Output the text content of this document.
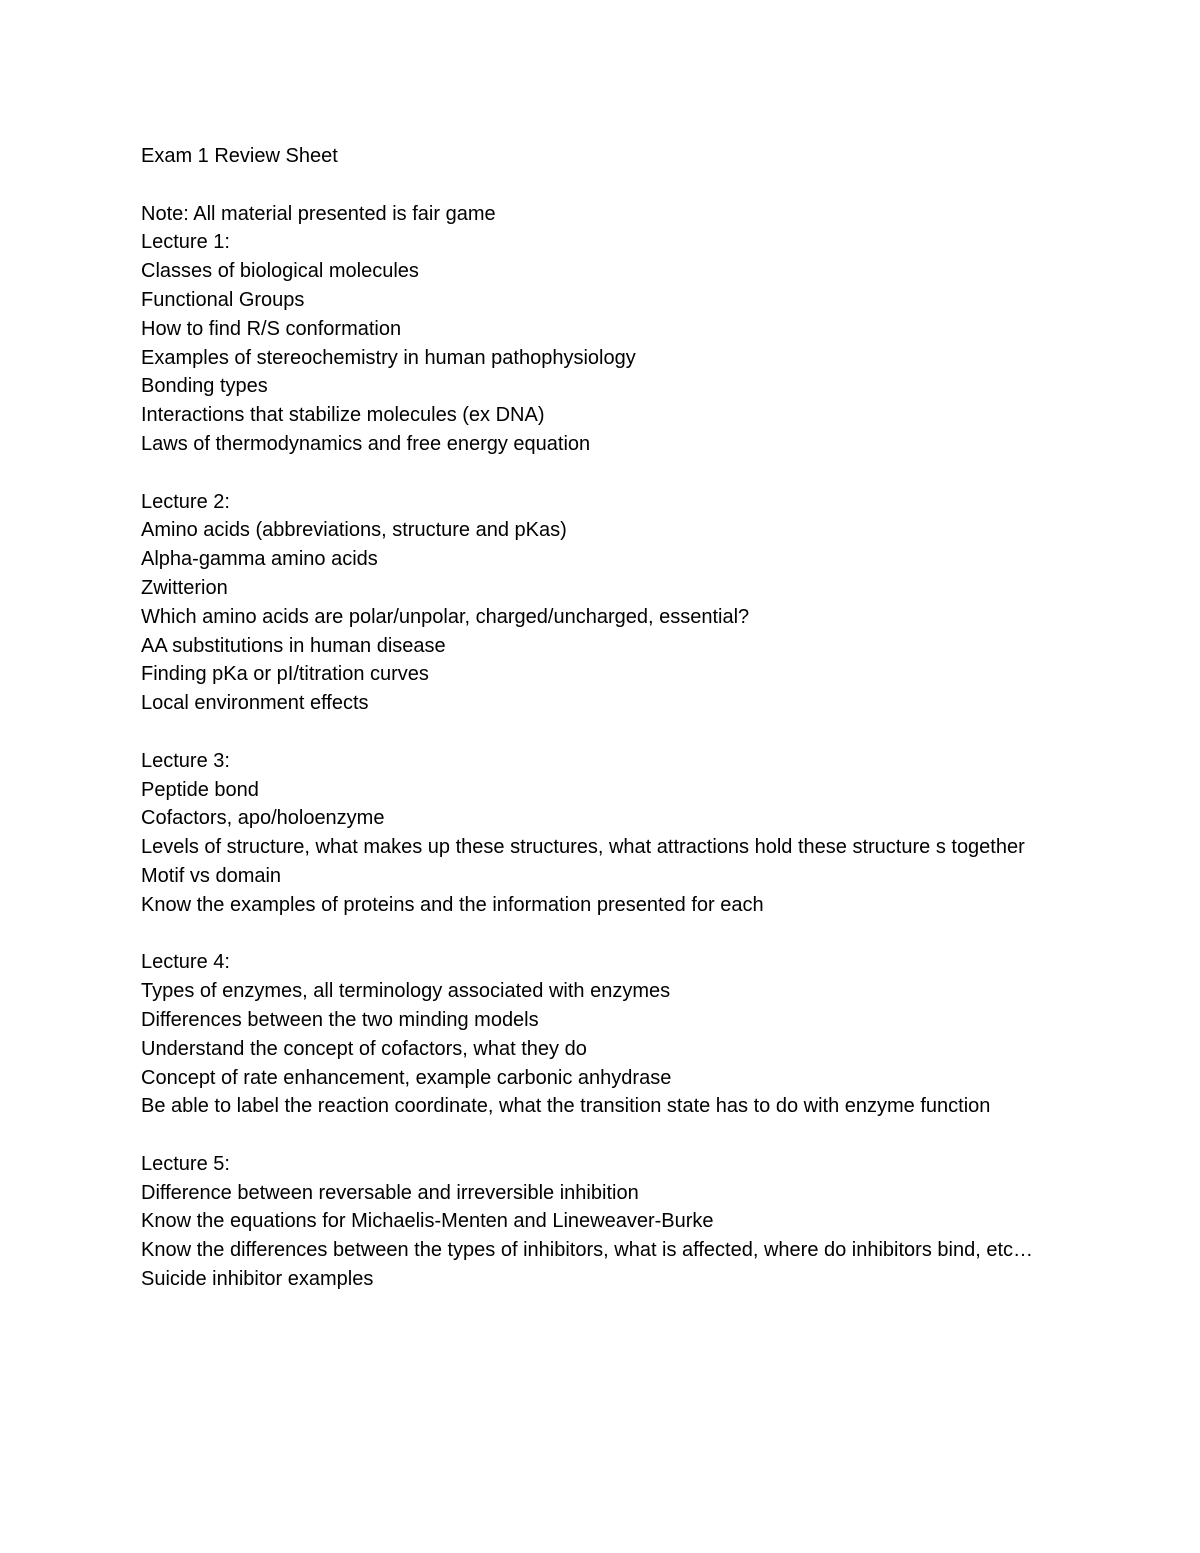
Exam 1 Review Sheet
Note: All material presented is fair game
Lecture 1:
Classes of biological molecules
Functional Groups
How to find R/S conformation
Examples of stereochemistry in human pathophysiology
Bonding types
Interactions that stabilize molecules (ex DNA)
Laws of thermodynamics and free energy equation
Lecture 2:
Amino acids (abbreviations, structure and pKas)
Alpha-gamma amino acids
Zwitterion
Which amino acids are polar/unpolar, charged/uncharged, essential?
AA substitutions in human disease
Finding pKa or pI/titration curves
Local environment effects
Lecture 3:
Peptide bond
Cofactors, apo/holoenzyme
Levels of structure, what makes up these structures, what attractions hold these structure s together
Motif vs domain
Know the examples of proteins and the information presented for each
Lecture 4:
Types of enzymes, all terminology associated with enzymes
Differences between the two minding models
Understand the concept of cofactors, what they do
Concept of rate enhancement, example carbonic anhydrase
Be able to label the reaction coordinate, what the transition state has to do with enzyme function
Lecture 5:
Difference between reversable and irreversible inhibition
Know the equations for Michaelis-Menten and Lineweaver-Burke
Know the differences between the types of inhibitors, what is affected, where do inhibitors bind, etc…
Suicide inhibitor examples
